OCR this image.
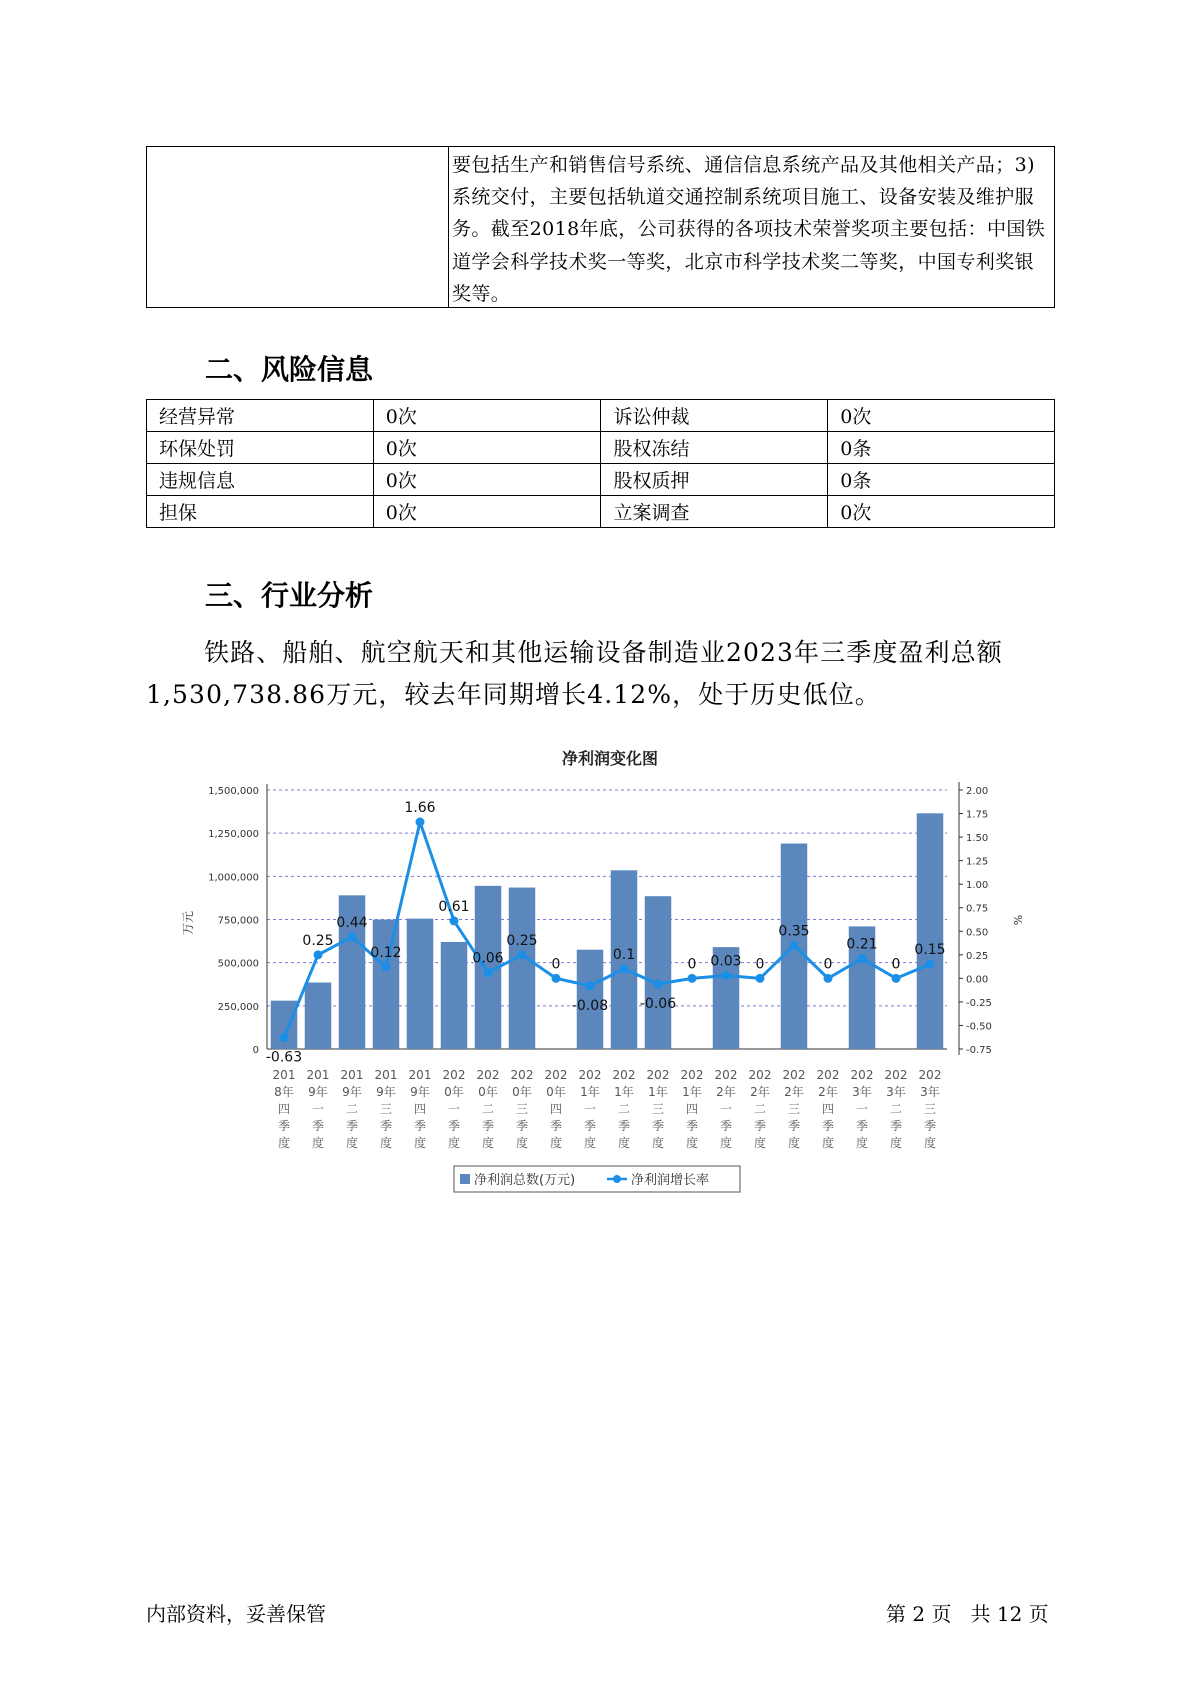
要包括生产和销售信号系统、通信信息系统产品及其他相关产品；3)
系统交付，主要包括轨道交通控制系统项目施工、设备安装及维护服
务。截至2018年底，公司获得的各项技术荣誉奖项主要包括：中国铁
道学会科学技术奖一等奖，北京市科学技术奖二等奖，中国专利奖银
奖等。
二、风险信息
经营异常	0次	诉讼仲裁	0次
环保处罚	0次	股权冻结	0条
违规信息	0次	股权质押	0条
担保	0次	立案调查	0次
三、行业分析
铁路、船舶、航空航天和其他运输设备制造业2023年三季度盈利总额
1,530,738.86万元，较去年同期增长4.12%，处于历史低位。
净利润变化图
0
250,000
500,000
750,000
1,000,000
1,250,000
1,500,000
-0.75
-0.50
-0.25
0.00
0.25
0.50
0.75
1.00
1.25
1.50
1.75
2.00
万元	%
-0.63
0.25
0.44
0.12
1.66
0.61
0.06
0.25
0
-0.08
0.1
-0.06
0 0.03 0
0.35
0
0.21
0
0.15
201
8年
四
季
度
201
9年
一
季
度
201
9年
二
季
度
201
9年
三
季
度
201
9年
四
季
度
202
0年
一
季
度
202
0年
二
季
度
202
0年
三
季
度
202
0年
四
季
度
202
1年
一
季
度
202
1年
二
季
度
202
1年
三
季
度
202
1年
四
季
度
202
2年
一
季
度
202
2年
二
季
度
202
2年
三
季
度
202
2年
四
季
度
202
3年
一
季
度
202
3年
二
季
度
202
3年
三
季
度
净利润总数(万元)	净利润增长率
内部资料，妥善保管	第 2 页   共 12 页
